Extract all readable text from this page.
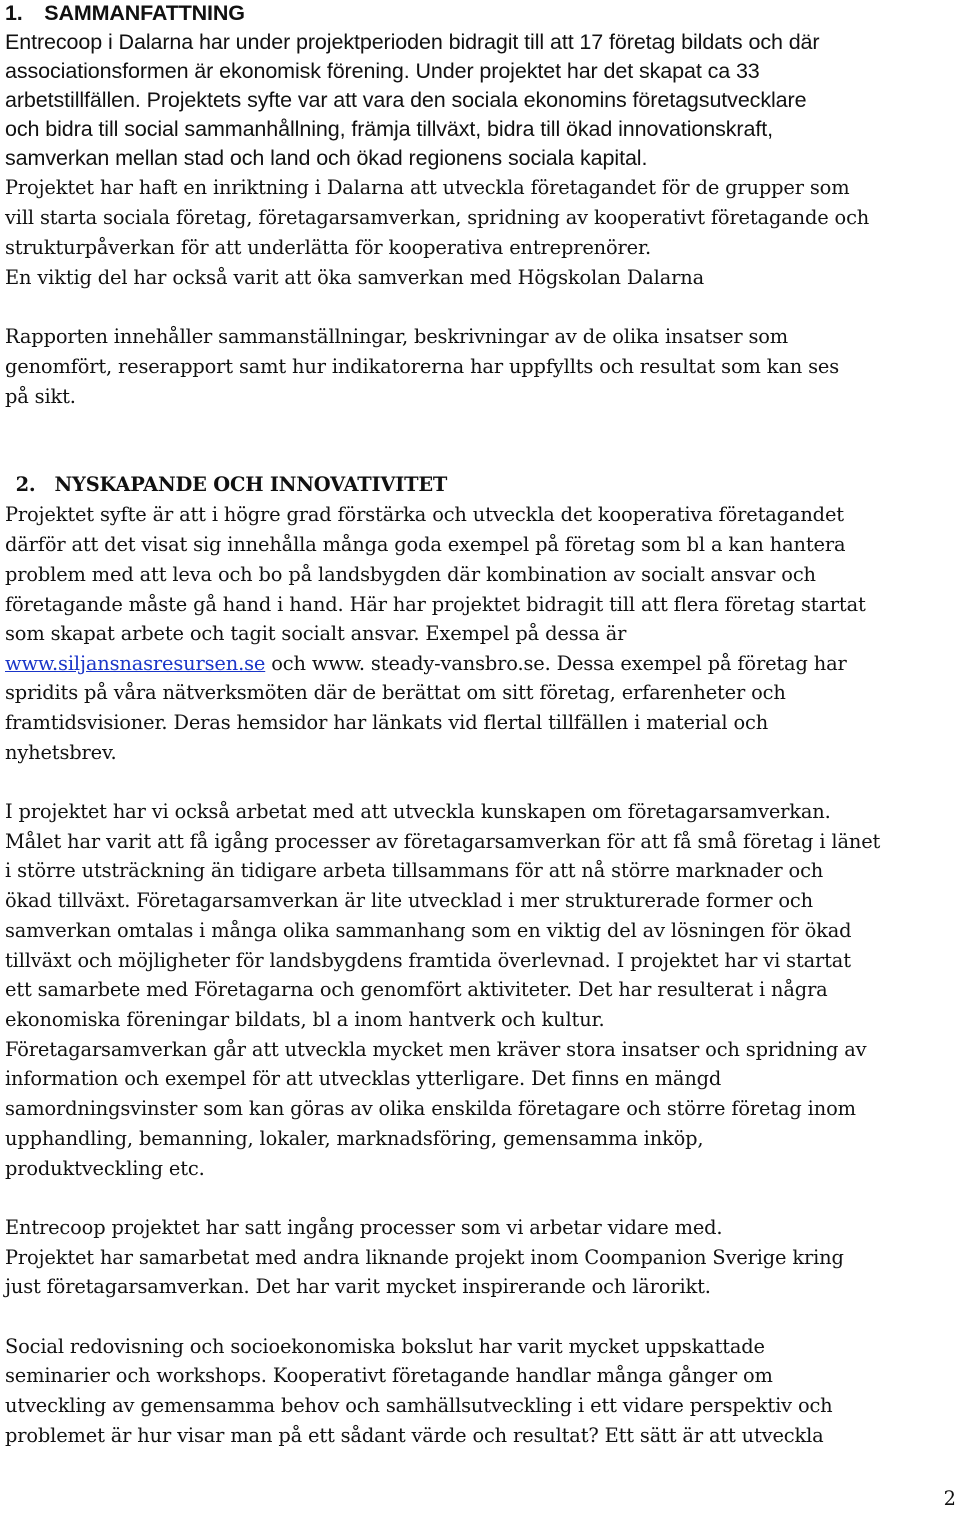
1. SAMMANFATTNING
Entrecoop i Dalarna har under projektperioden bidragit till att 17 företag bildats och där
associationsformen är ekonomisk förening. Under projektet har det skapat ca 33
arbetstillfällen. Projektets syfte var att vara den sociala ekonomins företagsutvecklare
och bidra till social sammanhållning, främja tillväxt, bidra till ökad innovationskraft,
samverkan mellan stad och land och ökad regionens sociala kapital.
Projektet har haft en inriktning i Dalarna att utveckla företagandet för de grupper som
vill starta sociala företag, företagarsamverkan, spridning av kooperativt företagande och
strukturpåverkan för att underlätta för kooperativa entreprenörer.
En viktig del har också varit att öka samverkan med Högskolan Dalarna
Rapporten innehåller sammanställningar, beskrivningar av de olika insatser som
genomfört, reserapport samt hur indikatorerna har uppfyllts och resultat som kan ses
på sikt.
2. NYSKAPANDE OCH INNOVATIVITET
Projektet syfte är att i högre grad förstärka och utveckla det kooperativa företagandet
därför att det visat sig innehålla många goda exempel på företag som bl a kan hantera
problem med att leva och bo på landsbygden där kombination av socialt ansvar och
företagande måste gå hand i hand. Här har projektet bidragit till att flera företag startat
som skapat arbete och tagit socialt ansvar. Exempel på dessa är
www.siljansnasresursen.se och www. steady-vansbro.se. Dessa exempel på företag har
spridits på våra nätverksmöten där de berättat om sitt företag, erfarenheter och
framtidsvisioner. Deras hemsidor har länkats vid flertal tillfällen i material och
nyhetsbrev.
I projektet har vi också arbetat med att utveckla kunskapen om företagarsamverkan.
Målet har varit att få igång processer av företagarsamverkan för att få små företag i länet
i större utsträckning än tidigare arbeta tillsammans för att nå större marknader och
ökad tillväxt. Företagarsamverkan är lite utvecklad i mer strukturerade former och
samverkan omtalas i många olika sammanhang som en viktig del av lösningen för ökad
tillväxt och möjligheter för landsbygdens framtida överlevnad. I projektet har vi startat
ett samarbete med Företagarna och genomfört aktiviteter. Det har resulterat i några
ekonomiska föreningar bildats, bl a inom hantverk och kultur.
Företagarsamverkan går att utveckla mycket men kräver stora insatser och spridning av
information och exempel för att utvecklas ytterligare. Det finns en mängd
samordningsvinster som kan göras av olika enskilda företagare och större företag inom
upphandling, bemanning, lokaler, marknadsföring, gemensamma inköp,
produktveckling etc.
Entrecoop projektet har satt ingång processer som vi arbetar vidare med.
Projektet har samarbetat med andra liknande projekt inom Coompanion Sverige kring
just företagarsamverkan. Det har varit mycket inspirerande och lärorikt.
Social redovisning och socioekonomiska bokslut har varit mycket uppskattade
seminarier och workshops. Kooperativt företagande handlar många gånger om
utveckling av gemensamma behov och samhällsutveckling i ett vidare perspektiv och
problemet är hur visar man på ett sådant värde och resultat? Ett sätt är att utveckla
2
